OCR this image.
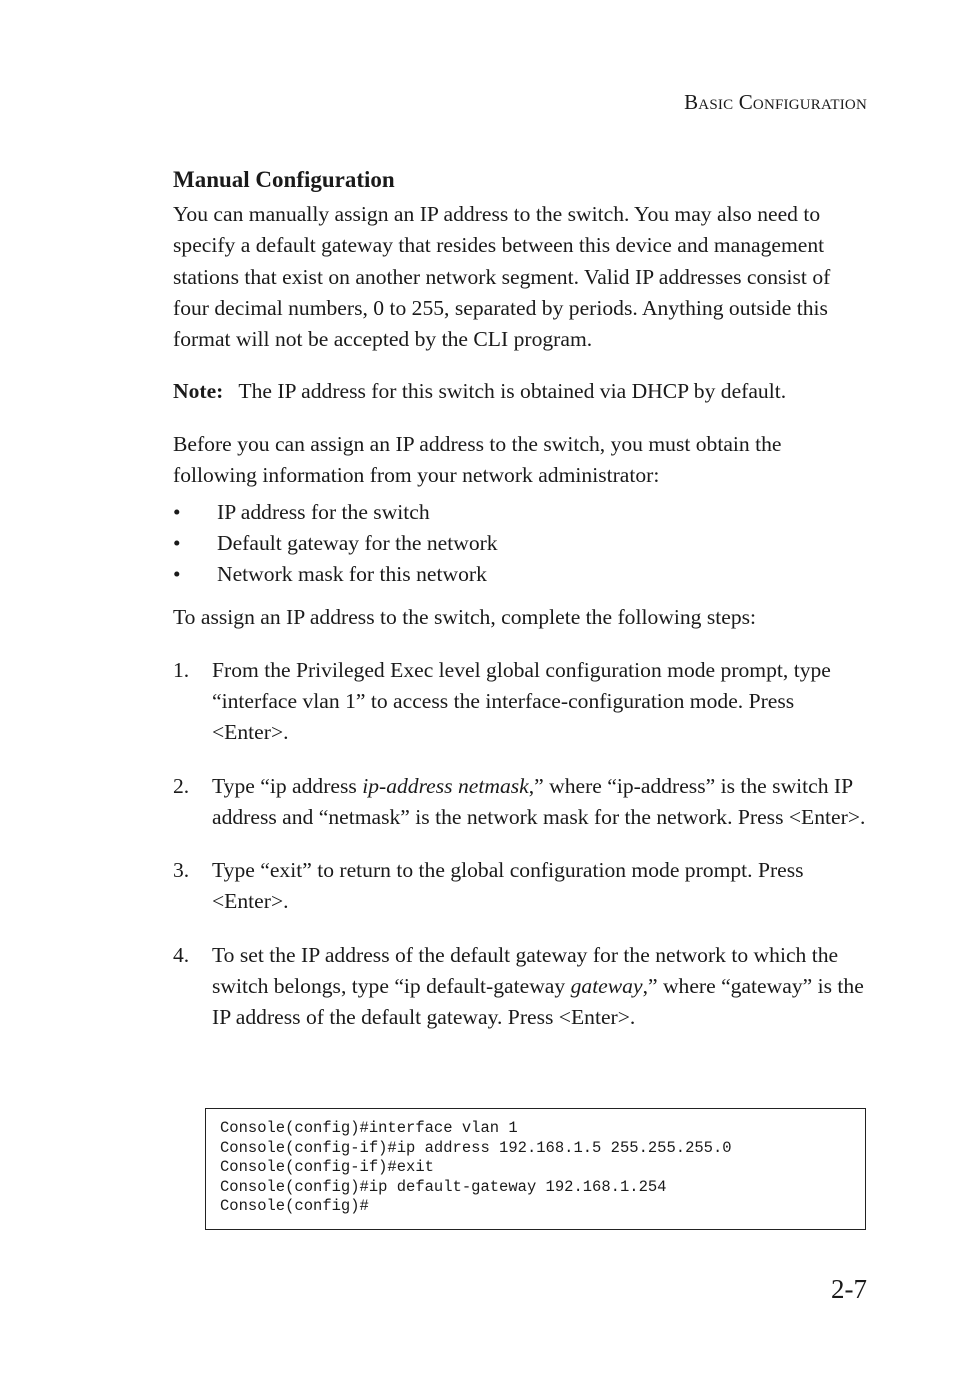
Basic Configuration
Manual Configuration

You can manually assign an IP address to the switch. You may also need to specify a default gateway that resides between this device and management stations that exist on another network segment. Valid IP addresses consist of four decimal numbers, 0 to 255, separated by periods. Anything outside this format will not be accepted by the CLI program.

Note: The IP address for this switch is obtained via DHCP by default.

Before you can assign an IP address to the switch, you must obtain the following information from your network administrator:

• IP address for the switch
• Default gateway for the network
• Network mask for this network

To assign an IP address to the switch, complete the following steps:

1. From the Privileged Exec level global configuration mode prompt, type “interface vlan 1” to access the interface-configuration mode. Press <Enter>.
2. Type “ip address ip-address netmask,” where “ip-address” is the switch IP address and “netmask” is the network mask for the network. Press <Enter>.
3. Type “exit” to return to the global configuration mode prompt. Press <Enter>.
4. To set the IP address of the default gateway for the network to which the switch belongs, type “ip default-gateway gateway,” where “gateway” is the IP address of the default gateway. Press <Enter>.
Console(config)#interface vlan 1
Console(config-if)#ip address 192.168.1.5 255.255.255.0
Console(config-if)#exit
Console(config)#ip default-gateway 192.168.1.254
Console(config)#
2-7
